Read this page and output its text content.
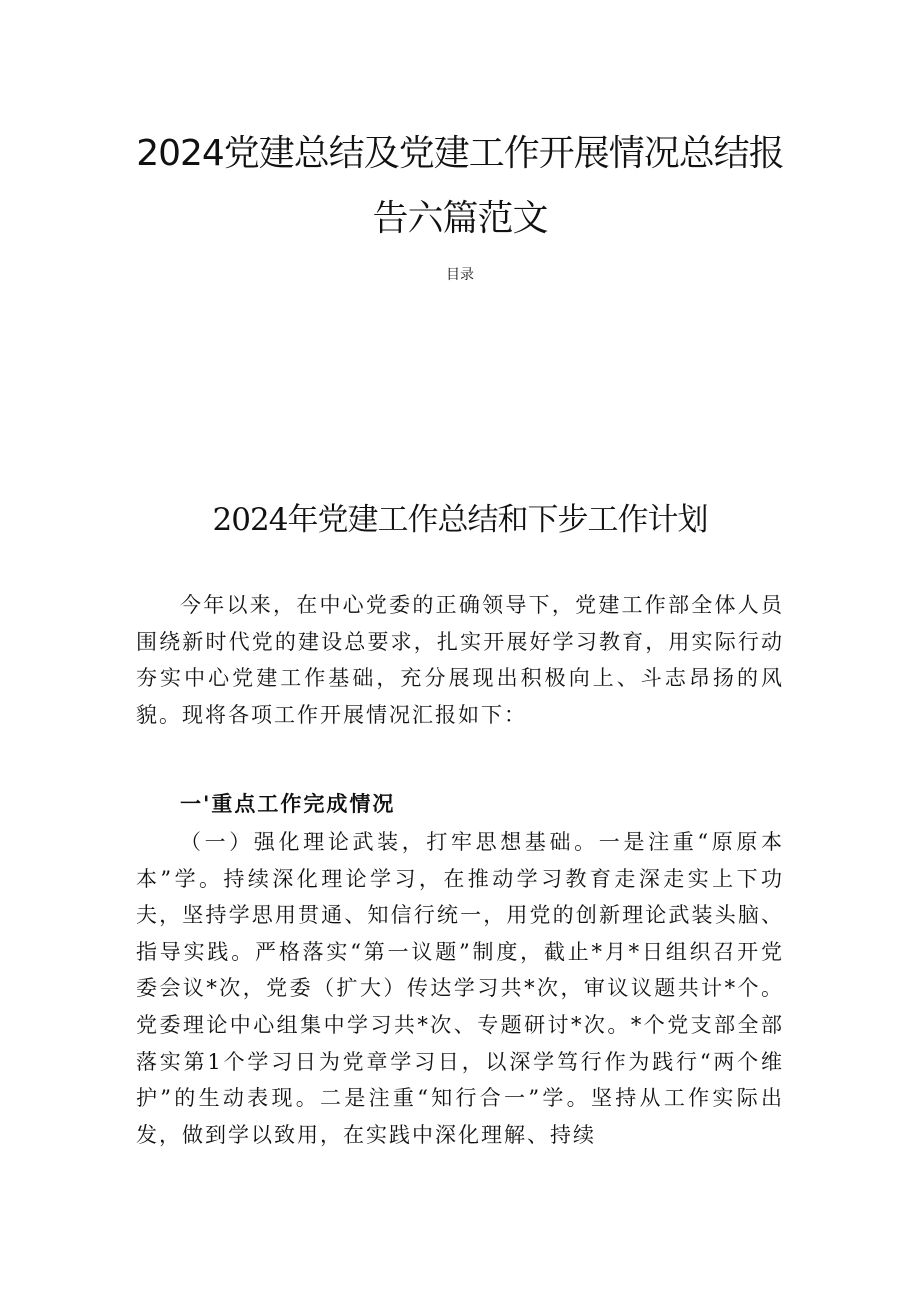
2024党建总结及党建工作开展情况总结报
告六篇范文
目录
2024年党建工作总结和下步工作计划

今年以来，在中心党委的正确领导下，党建工作部全体人员围绕新时代党的建设总要求，扎实开展好学习教育，用实际行动夯实中心党建工作基础，充分展现出积极向上、斗志昂扬的风貌。现将各项工作开展情况汇报如下：

一'重点工作完成情况

（一）强化理论武装，打牢思想基础。一是注重“原原本本”学。持续深化理论学习，在推动学习教育走深走实上下功夫，坚持学思用贯通、知信行统一，用党的创新理论武装头脑、指导实践。严格落实“第一议题”制度，截止*月*日组织召开党委会议*次，党委（扩大）传达学习共*次，审议议题共计*个。党委理论中心组集中学习共*次、专题研讨*次。*个党支部全部落实第1个学习日为党章学习日，以深学笃行作为践行“两个维护”的生动表现。二是注重“知行合一”学。坚持从工作实际出发，做到学以致用，在实践中深化理解、持续
